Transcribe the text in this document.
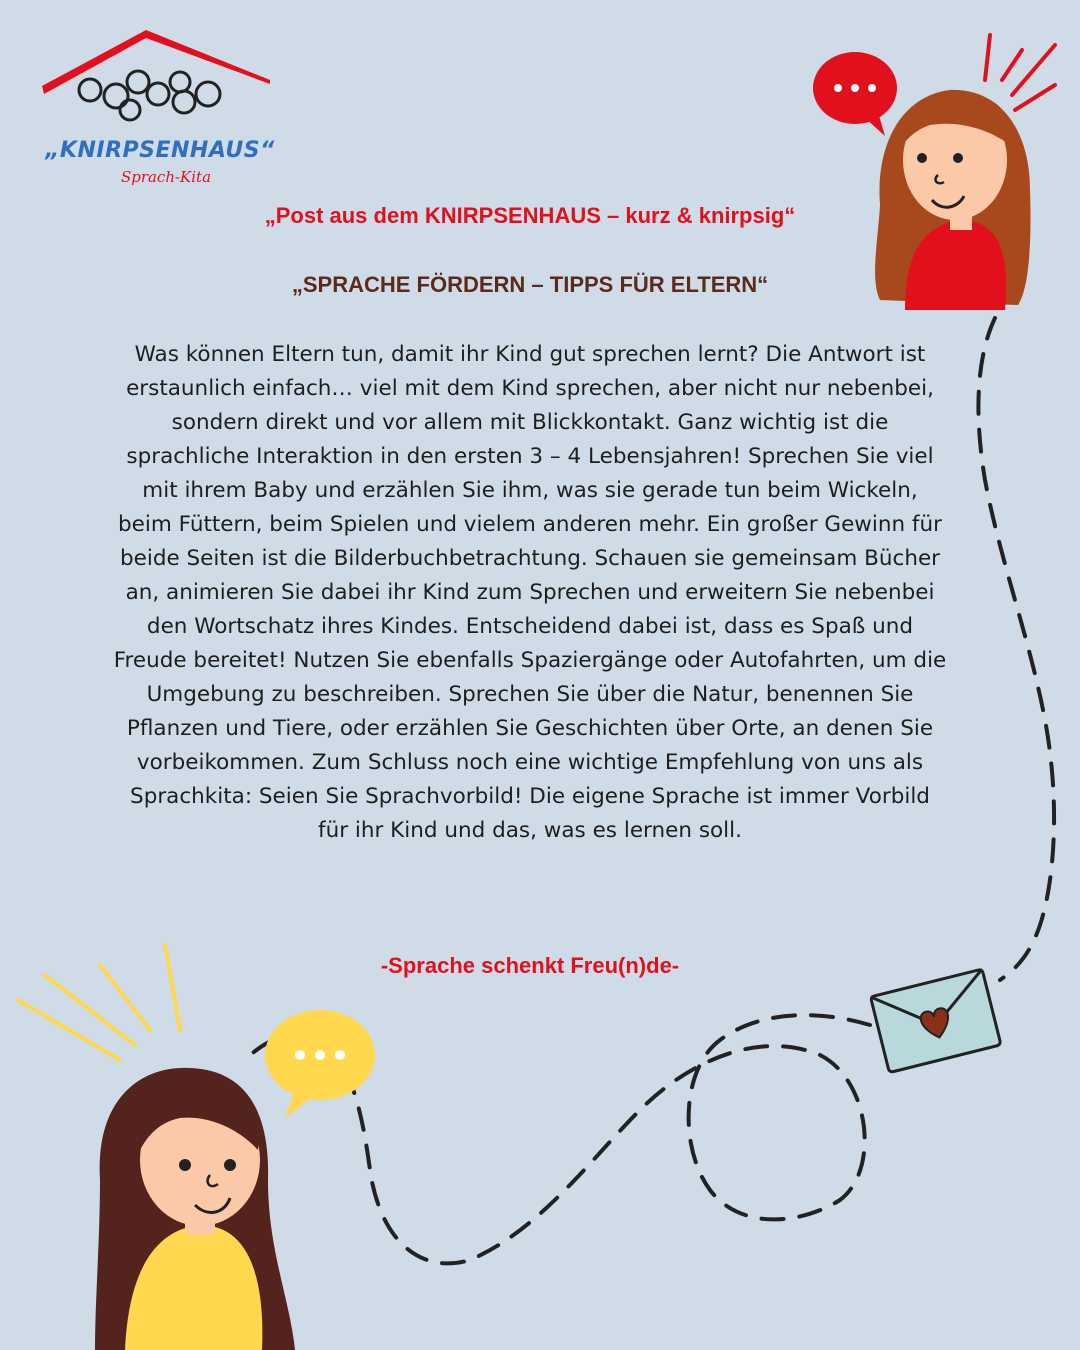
„KNIRPSENHAUS“
Sprach-Kita
„Post aus dem KNIRPSENHAUS – kurz & knirpsig“
„SPRACHE FÖRDERN – TIPPS FÜR ELTERN“

Was können Eltern tun, damit ihr Kind gut sprechen lernt? Die Antwort ist erstaunlich einfach… viel mit dem Kind sprechen, aber nicht nur nebenbei, sondern direkt und vor allem mit Blickkontakt. Ganz wichtig ist die sprachliche Interaktion in den ersten 3 – 4 Lebensjahren! Sprechen Sie viel mit ihrem Baby und erzählen Sie ihm, was sie gerade tun beim Wickeln, beim Füttern, beim Spielen und vielem anderen mehr. Ein großer Gewinn für beide Seiten ist die Bilderbuchbetrachtung. Schauen sie gemeinsam Bücher an, animieren Sie dabei ihr Kind zum Sprechen und erweitern Sie nebenbei den Wortschatz ihres Kindes. Entscheidend dabei ist, dass es Spaß und Freude bereitet! Nutzen Sie ebenfalls Spaziergänge oder Autofahrten, um die Umgebung zu beschreiben. Sprechen Sie über die Natur, benennen Sie Pflanzen und Tiere, oder erzählen Sie Geschichten über Orte, an denen Sie vorbeikommen. Zum Schluss noch eine wichtige Empfehlung von uns als Sprachkita: Seien Sie Sprachvorbild! Die eigene Sprache ist immer Vorbild für ihr Kind und das, was es lernen soll.

-Sprache schenkt Freu(n)de-
